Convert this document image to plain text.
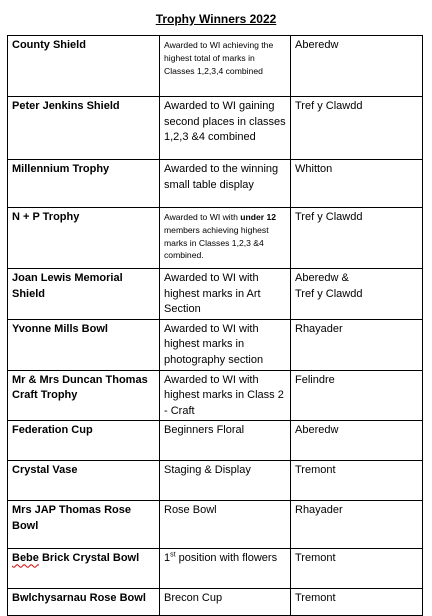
Trophy Winners 2022
County Shield	Awarded to WI achieving the highest total of marks in Classes 1,2,3,4 combined	Aberedw
Peter Jenkins Shield	Awarded to WI gaining second places in classes 1,2,3 &4 combined	Tref y Clawdd
Millennium Trophy	Awarded to the winning small table display	Whitton
N + P Trophy	Awarded to WI with under 12 members achieving highest marks in Classes 1,2,3 &4 combined.	Tref y Clawdd
Joan Lewis Memorial Shield	Awarded to WI with highest marks in Art Section	Aberedw &
Tref y Clawdd

Yvonne Mills Bowl	Awarded to WI with highest marks in photography section	Rhayader
Mr & Mrs Duncan Thomas Craft Trophy	Awarded to WI with highest marks in Class 2 - Craft	Felindre
Federation Cup	Beginners Floral	Aberedw
Crystal Vase	Staging & Display	Tremont
Mrs JAP Thomas Rose Bowl	Rose Bowl	Rhayader
Bebe Brick Crystal Bowl	1st position with flowers	Tremont
Bwlchysarnau Rose Bowl	Brecon Cup	Tremont
